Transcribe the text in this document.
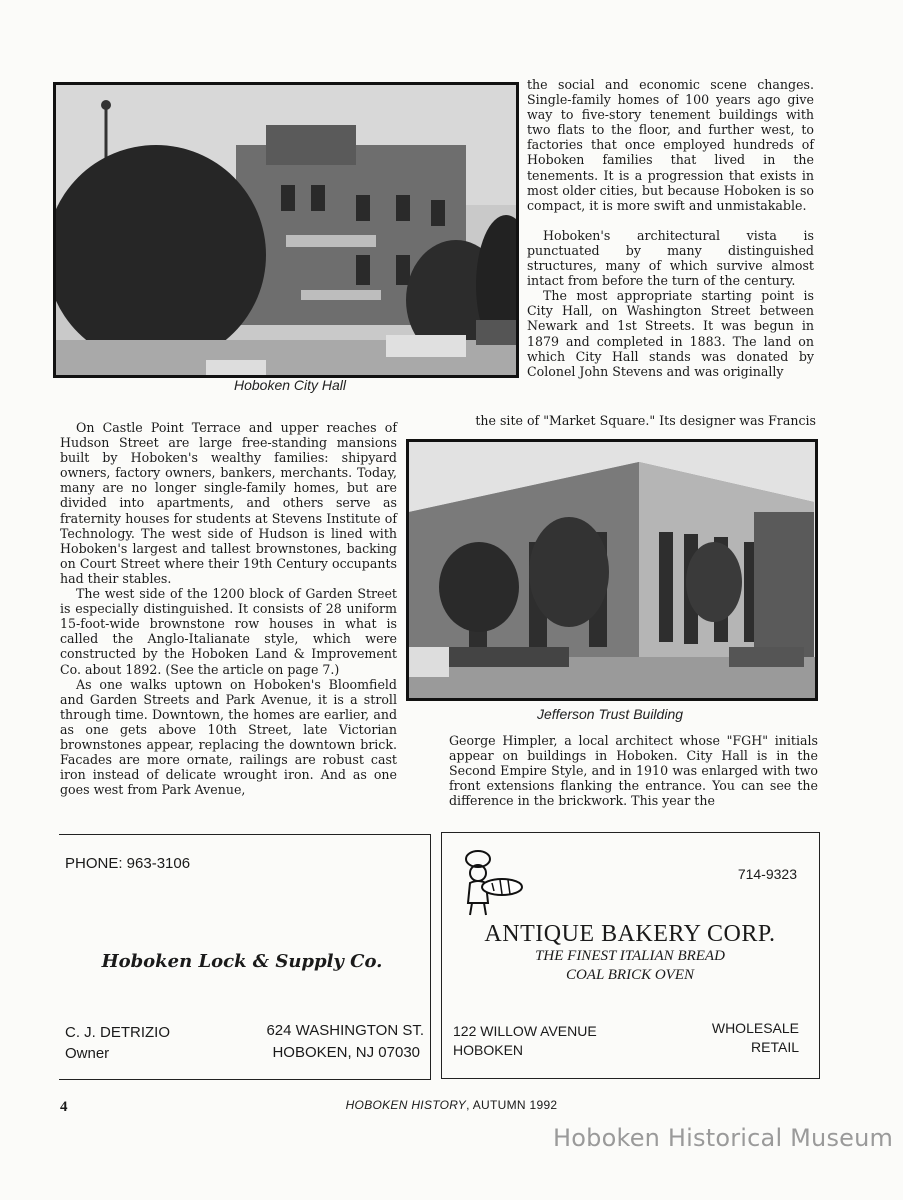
Hoboken City Hall

the social and economic scene changes. Single-family homes of 100 years ago give way to five-story tenement buildings with two flats to the floor, and further west, to factories that once employed hundreds of Hoboken families that lived in the tenements. It is a progression that exists in most older cities, but because Hoboken is so compact, it is more swift and unmistakable.

Hoboken's architectural vista is punctuated by many distinguished structures, many of which survive almost intact from before the turn of the century.

The most appropriate starting point is City Hall, on Washington Street between Newark and 1st Streets. It was begun in 1879 and completed in 1883. The land on which City Hall stands was donated by Colonel John Stevens and was originally

the site of "Market Square." Its designer was Francis

On Castle Point Terrace and upper reaches of Hudson Street are large free-standing mansions built by Hoboken's wealthy families: shipyard owners, factory owners, bankers, merchants. Today, many are no longer single-family homes, but are divided into apartments, and others serve as fraternity houses for students at Stevens Institute of Technology. The west side of Hudson is lined with Hoboken's largest and tallest brownstones, backing on Court Street where their 19th Century occupants had their stables.

The west side of the 1200 block of Garden Street is especially distinguished. It consists of 28 uniform 15-foot-wide brownstone row houses in what is called the Anglo-Italianate style, which were constructed by the Hoboken Land & Improvement Co. about 1892. (See the article on page 7.)

As one walks uptown on Hoboken's Bloomfield and Garden Streets and Park Avenue, it is a stroll through time. Downtown, the homes are earlier, and as one gets above 10th Street, late Victorian brownstones appear, replacing the downtown brick. Facades are more ornate, railings are robust cast iron instead of delicate wrought iron. And as one goes west from Park Avenue,

Jefferson Trust Building

George Himpler, a local architect whose "FGH" initials appear on buildings in Hoboken. City Hall is in the Second Empire Style, and in 1910 was enlarged with two front extensions flanking the entrance. You can see the difference in the brickwork. This year the

PHONE: 963-3106
Hoboken Lock & Supply Co.
C. J. DETRIZIO
Owner
624 WASHINGTON ST.
HOBOKEN, NJ 07030
714-9323
ANTIQUE BAKERY CORP.
THE FINEST ITALIAN BREAD
COAL BRICK OVEN
122 WILLOW AVENUE
HOBOKEN
WHOLESALE
RETAIL
4	HOBOKEN HISTORY, AUTUMN 1992
Hoboken Historical Museum
